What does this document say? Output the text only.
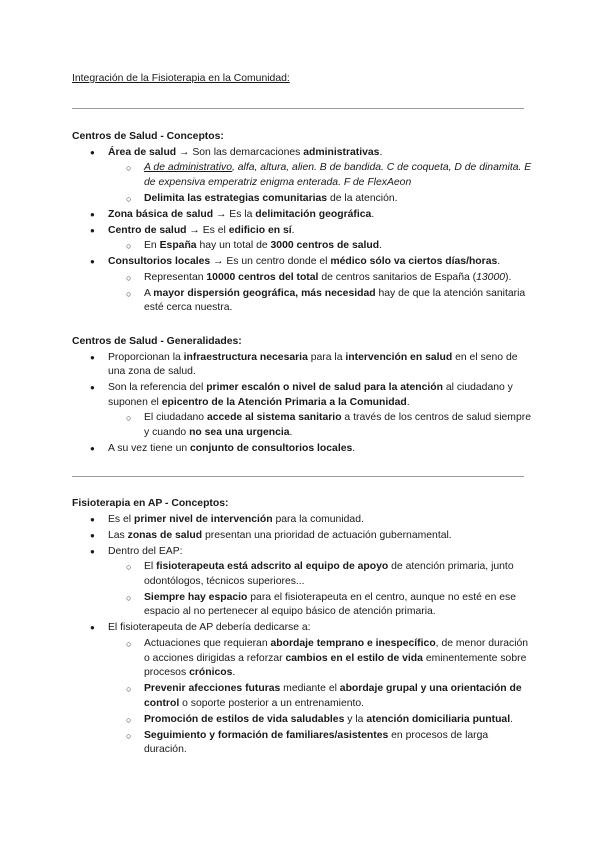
Integración de la Fisioterapia en la Comunidad:
Centros de Salud - Conceptos:
●	Área de salud → Son las demarcaciones administrativas.
○	A de administrativo, alfa, altura, alien. B de bandida. C de coqueta, D de dinamita. E de expensiva emperatriz enigma enterada. F de FlexAeon
○	Delimita las estrategias comunitarias de la atención.
●	Zona básica de salud → Es la delimitación geográfica.
●	Centro de salud → Es el edificio en sí.
○	En España hay un total de 3000 centros de salud.
●	Consultorios locales → Es un centro donde el médico sólo va ciertos días/horas.
○	Representan 10000 centros del total de centros sanitarios de España (13000).
○	A mayor dispersión geográfica, más necesidad hay de que la atención sanitaria esté cerca nuestra.
Centros de Salud - Generalidades:
●	Proporcionan la infraestructura necesaria para la intervención en salud en el seno de una zona de salud.
●	Son la referencia del primer escalón o nivel de salud para la atención al ciudadano y suponen el epicentro de la Atención Primaria a la Comunidad.
○	El ciudadano accede al sistema sanitario a través de los centros de salud siempre y cuando no sea una urgencia.
●	A su vez tiene un conjunto de consultorios locales.
Fisioterapia en AP - Conceptos:
●	Es el primer nivel de intervención para la comunidad.
●	Las zonas de salud presentan una prioridad de actuación gubernamental.
●	Dentro del EAP:
○	El fisioterapeuta está adscrito al equipo de apoyo de atención primaria, junto odontólogos, técnicos superiores...
○	Siempre hay espacio para el fisioterapeuta en el centro, aunque no esté en ese espacio al no pertenecer al equipo básico de atención primaria.
●	El fisioterapeuta de AP debería dedicarse a:
○	Actuaciones que requieran abordaje temprano e inespecífico, de menor duración o acciones dirigidas a reforzar cambios en el estilo de vida eminentemente sobre procesos crónicos.
○	Prevenir afecciones futuras mediante el abordaje grupal y una orientación de control o soporte posterior a un entrenamiento.
○	Promoción de estilos de vida saludables y la atención domiciliaria puntual.
○	Seguimiento y formación de familiares/asistentes en procesos de larga duración.
